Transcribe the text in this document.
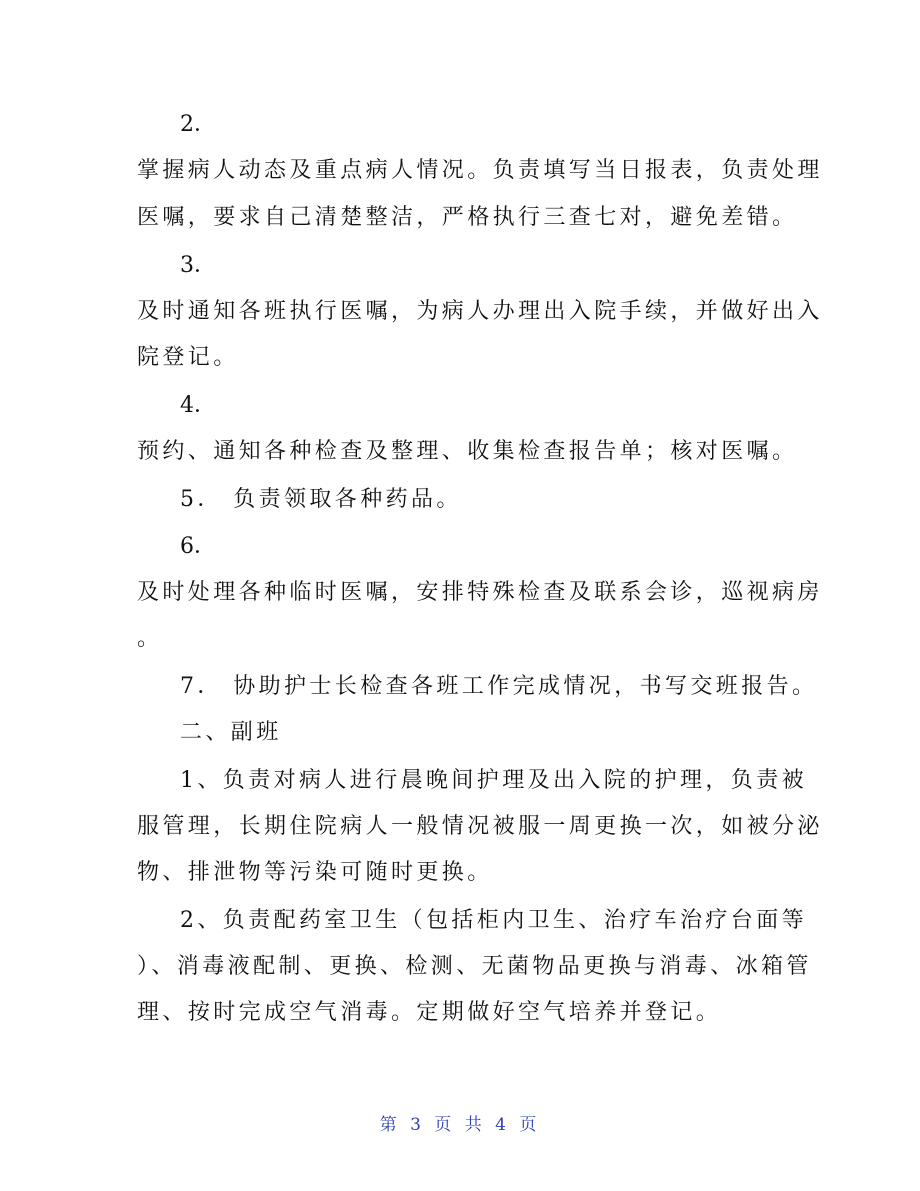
2．
掌握病人动态及重点病人情况。负责填写当日报表，负责处理
医嘱，要求自己清楚整洁，严格执行三查七对，避免差错。
3．
及时通知各班执行医嘱，为病人办理出入院手续，并做好出入
院登记。
4．
预约、通知各种检查及整理、收集检查报告单；核对医嘱。
5． 负责领取各种药品。
6．
及时处理各种临时医嘱，安排特殊检查及联系会诊，巡视病房
。
7． 协助护士长检查各班工作完成情况，书写交班报告。
二、副班
1、负责对病人进行晨晚间护理及出入院的护理，负责被
服管理，长期住院病人一般情况被服一周更换一次，如被分泌
物、排泄物等污染可随时更换。
2、负责配药室卫生（包括柜内卫生、治疗车治疗台面等
）、消毒液配制、更换、检测、无菌物品更换与消毒、冰箱管
理、按时完成空气消毒。定期做好空气培养并登记。
第 3 页 共 4 页
